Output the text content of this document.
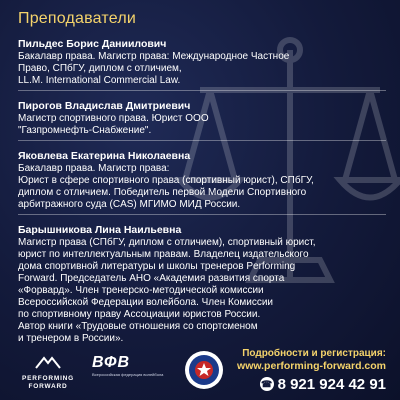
Преподаватели

Пильдес Борис Даниилович

Бакалавр права. Магистр права: Международное Частное

Право, СПбГУ, диплом с отличием,

LL.M. International Commercial Law.

Пирогов Владислав Дмитриевич

Магистр спортивного права. Юрист ООО

"Газпромнефть-Снабжение".

Яковлева Екатерина Николаевна

Бакалавр права. Магистр права:

Юрист в сфере спортивного права (спортивный юрист), СПбГУ,

диплом с отличием. Победитель первой Модели Спортивного

арбитражного суда (CAS) МГИМО МИД России.

Барышникова Лина Наильевна

Магистр права (СПбГУ, диплом с отличием), спортивный юрист,

юрист по интеллектуальным правам. Владелец издательского

дома спортивной литературы и школы тренеров Performing

Forward. Председатель АНО «Академия развития спорта

«Форвард». Член тренерско-методической комиссии

Всероссийской Федерации волейбола. Член Комиссии

по спортивному праву Ассоциации юристов России.

Автор книги «Трудовые отношения со спортсменом

и тренером в России».

PERFORMING FORWARD
ВФВ
Всероссийская федерация волейбола
Подробности и регистрация:
www.performing-forward.com
☎ 8 921 924 42 91
